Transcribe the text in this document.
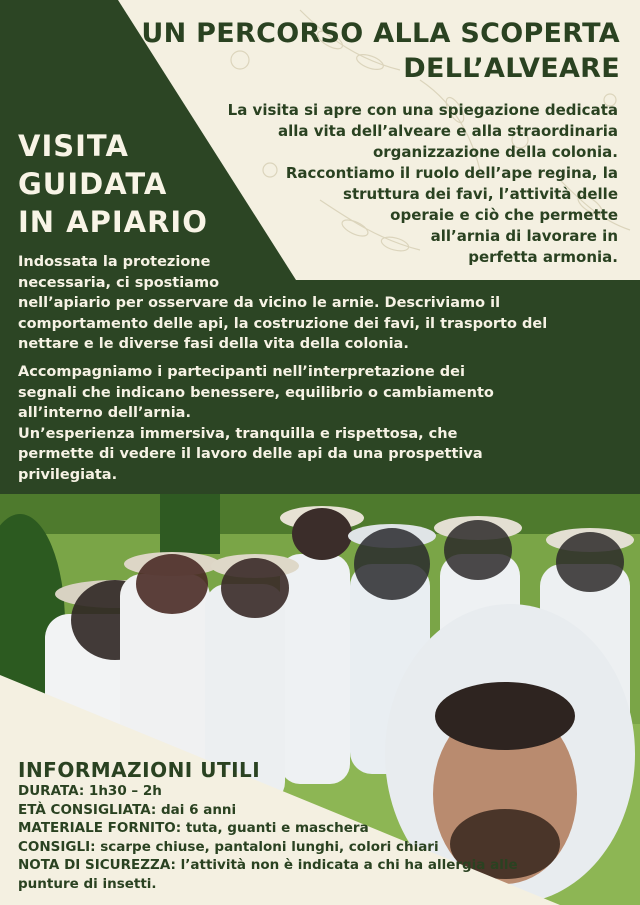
UN PERCORSO ALLA SCOPERTA
DELL’ALVEARE
VISITA
GUIDATA
IN APIARIO
La visita si apre con una spiegazione dedicata
alla vita dell’alveare e alla straordinaria
organizzazione della colonia.
Raccontiamo il ruolo dell’ape regina, la
struttura dei favi, l’attività delle
operaie e ciò che permette
all’arnia di lavorare in
perfetta armonia.
Indossata la protezione
necessaria, ci spostiamo
nell’apiario per osservare da vicino le arnie. Descriviamo il
comportamento delle api, la costruzione dei favi, il trasporto del
nettare e le diverse fasi della vita della colonia.
Accompagniamo i partecipanti nell’interpretazione dei
segnali che indicano benessere, equilibrio o cambiamento
all’interno dell’arnia.
Un’esperienza immersiva, tranquilla e rispettosa, che
permette di vedere il lavoro delle api da una prospettiva
privilegiata.
INFORMAZIONI UTILI
DURATA: 1h30 – 2h
ETÀ CONSIGLIATA: dai 6 anni
MATERIALE FORNITO: tuta, guanti e maschera
CONSIGLI: scarpe chiuse, pantaloni lunghi, colori chiari
NOTA DI SICUREZZA: l’attività non è indicata a chi ha allergia alle
punture di insetti.
